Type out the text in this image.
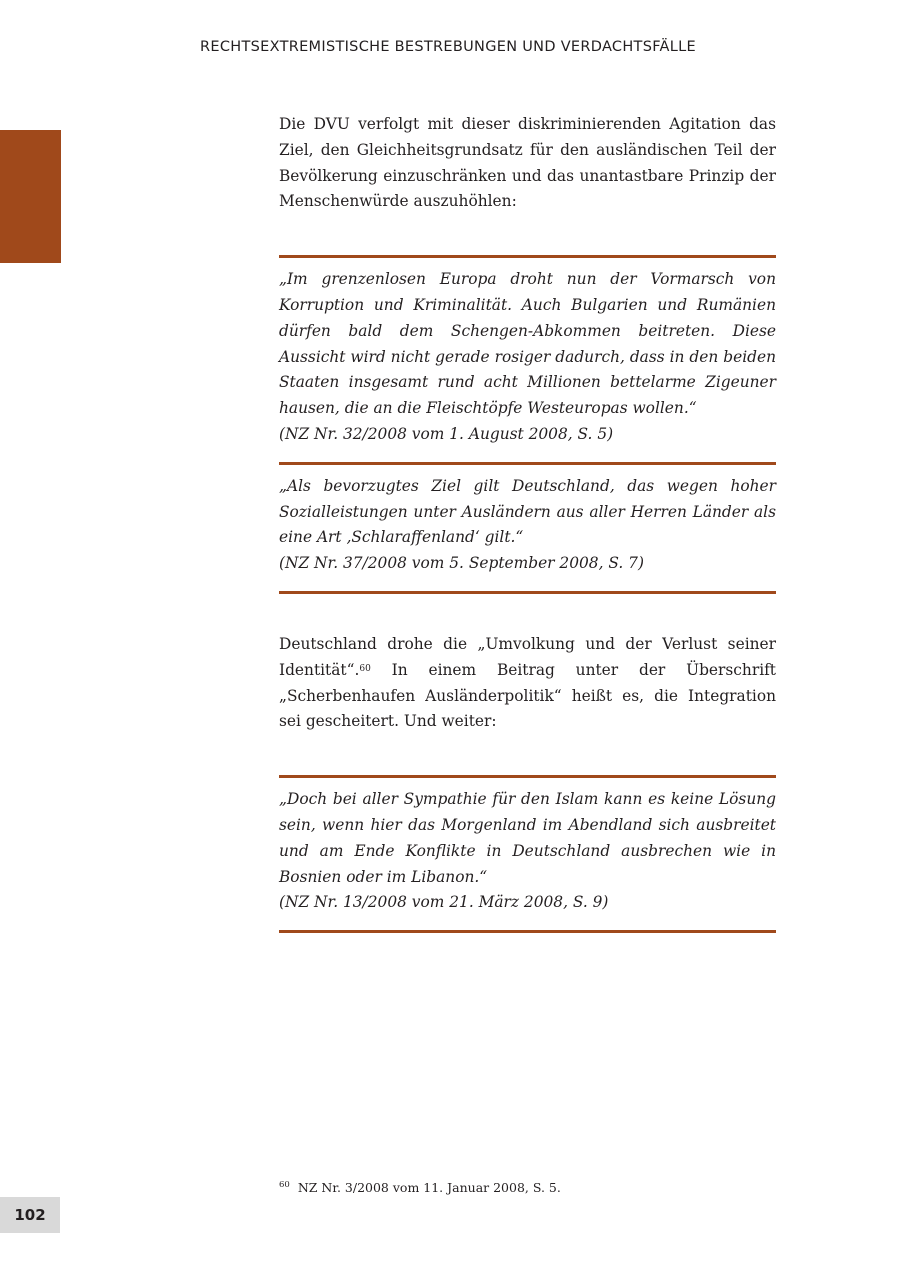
RECHTSEXTREMISTISCHE BESTREBUNGEN UND VERDACHTSFÄLLE

Die DVU verfolgt mit dieser diskriminierenden Agitation das Ziel, den Gleichheitsgrundsatz für den ausländischen Teil der Bevölkerung einzuschränken und das unantastbare Prinzip der Menschenwürde auszuhöhlen:

„Im grenzenlosen Europa droht nun der Vormarsch von Korruption und Kriminalität. Auch Bulgarien und Rumänien dürfen bald dem Schengen-Abkommen beitreten. Diese Aussicht wird nicht gerade rosiger dadurch, dass in den beiden Staaten insgesamt rund acht Millionen bettelarme Zigeuner hausen, die an die Fleischtöpfe Westeuropas wollen.“
(NZ Nr. 32/2008 vom 1. August 2008, S. 5)
„Als bevorzugtes Ziel gilt Deutschland, das wegen hoher Sozialleistungen unter Ausländern aus aller Herren Länder als eine Art ‚Schlaraffenland‘ gilt.“
(NZ Nr. 37/2008 vom 5. September 2008, S. 7)

Deutschland drohe die „Umvolkung und der Verlust seiner Identität“.$^{60}$ In einem Beitrag unter der Überschrift „Scherbenhaufen Ausländerpolitik“ heißt es, die Integration sei gescheitert. Und weiter:

„Doch bei aller Sympathie für den Islam kann es keine Lösung sein, wenn hier das Morgenland im Abendland sich ausbreitet und am Ende Konflikte in Deutschland ausbrechen wie in Bosnien oder im Libanon.“
(NZ Nr. 13/2008 vom 21. März 2008, S. 9)
$^{60}$ NZ Nr. 3/2008 vom 11. Januar 2008, S. 5.
102
